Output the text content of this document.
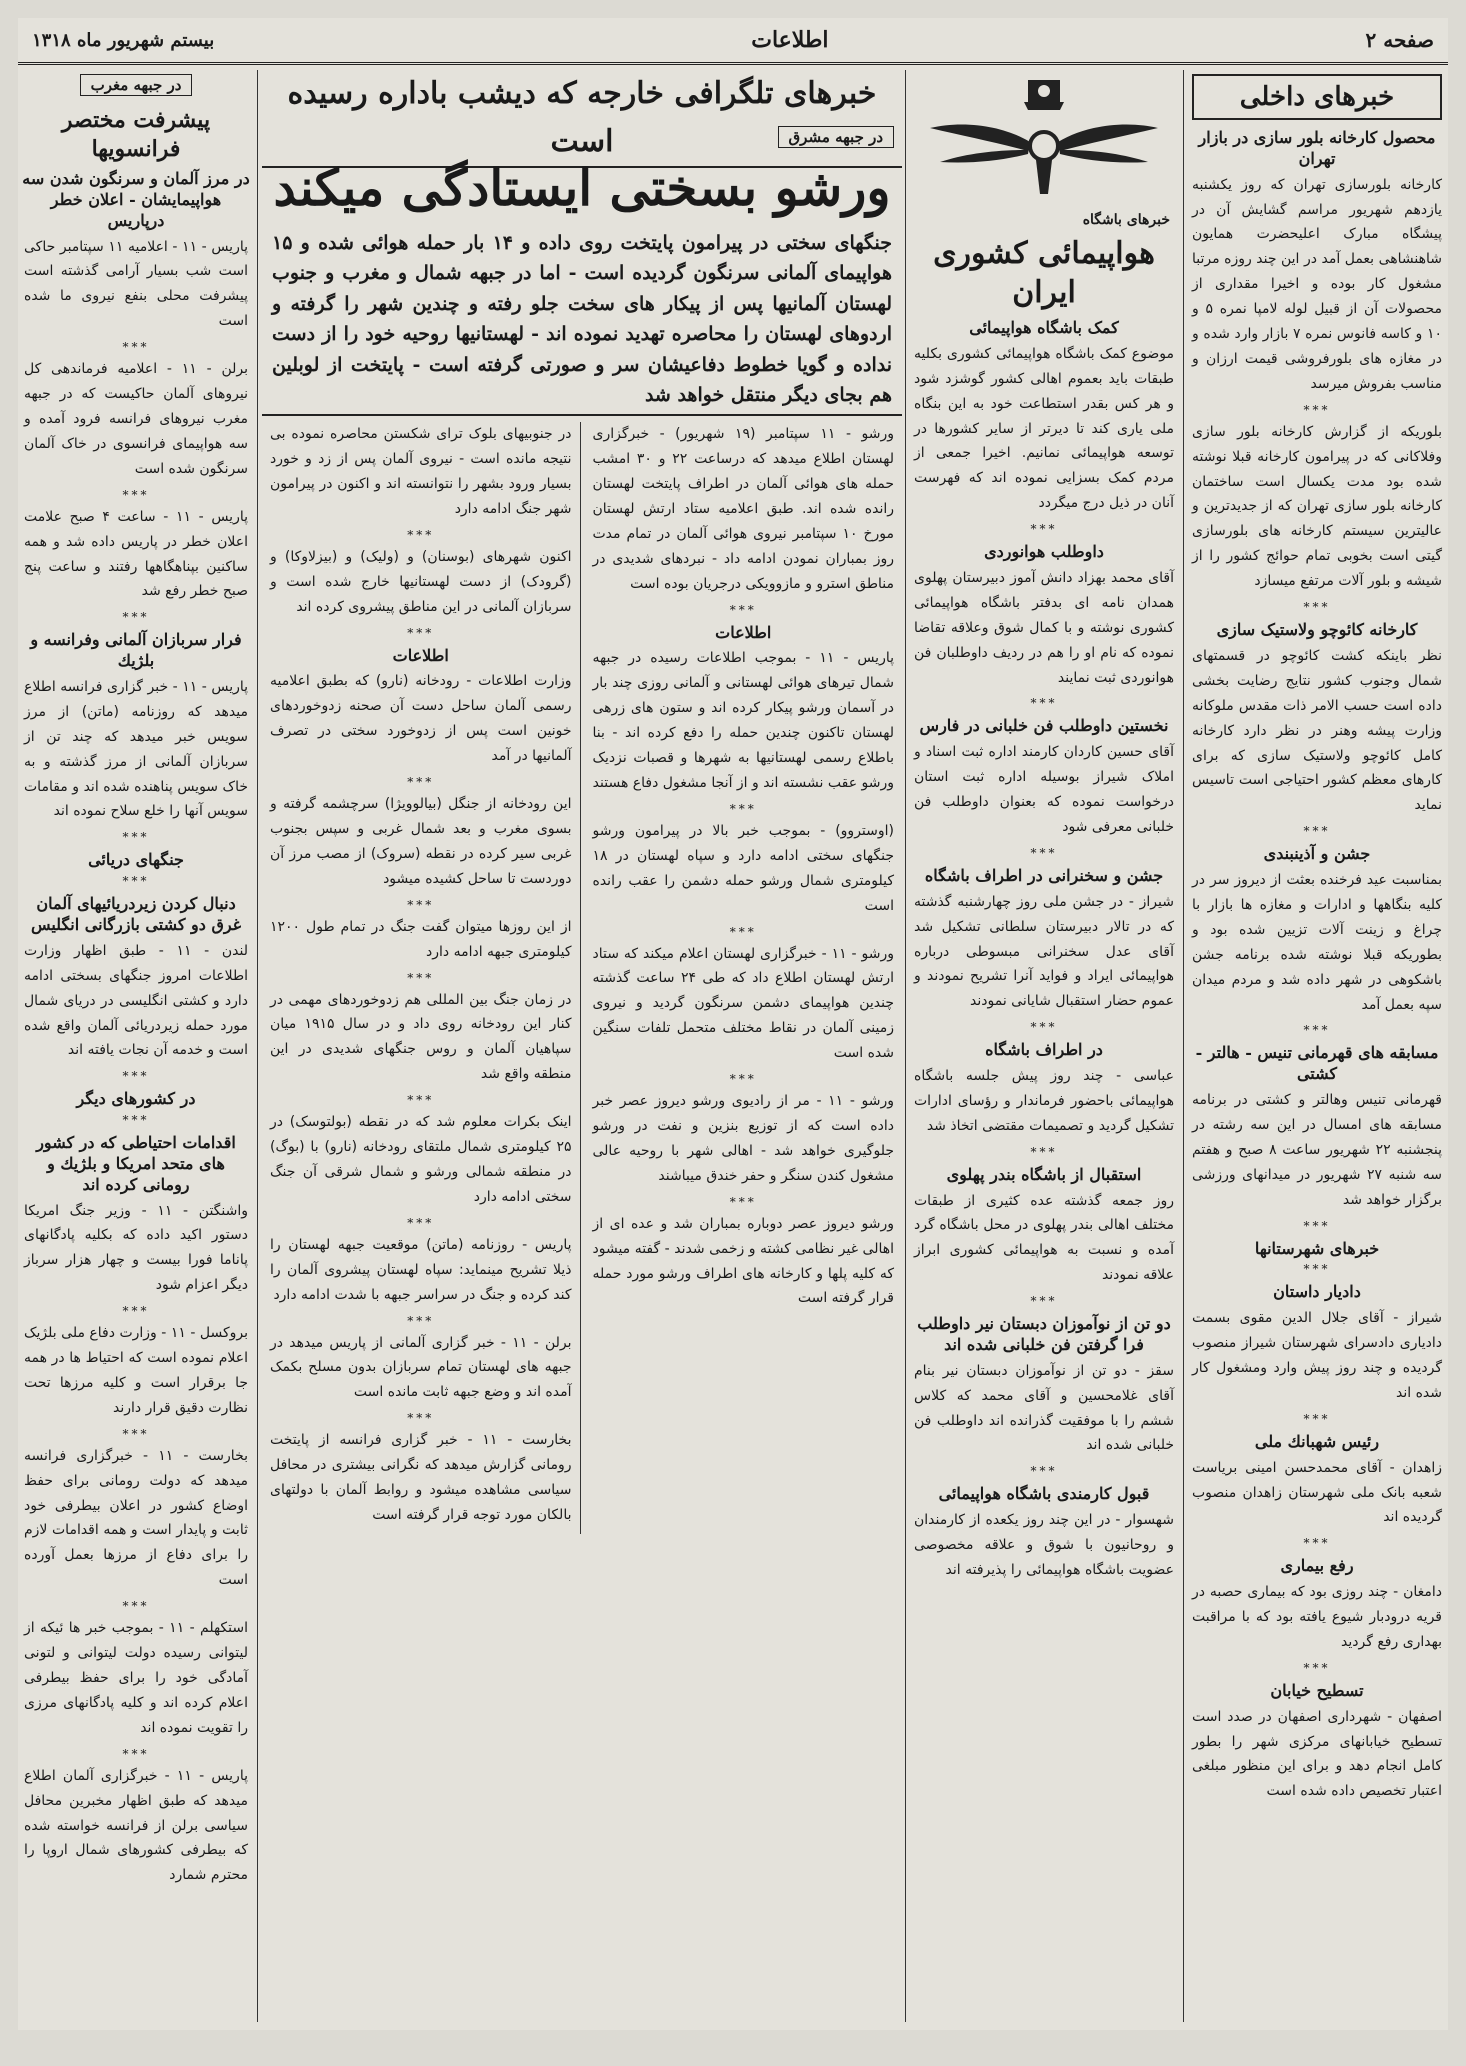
صفحه ۲
اطلاعات
بیستم شهریور ماه ۱۳۱۸
خبرهای داخلی
محصول کارخانه بلور سازی در بازار تهران

کارخانه بلورسازی تهران که روز یکشنبه یازدهم شهریور مراسم گشایش آن در پیشگاه مبارک اعلیحضرت همایون شاهنشاهی بعمل آمد در این چند روزه مرتبا مشغول کار بوده و اخیرا مقداری از محصولات آن از قبیل لوله لامپا نمره ۵ و ۱۰ و کاسه فانوس نمره ۷ بازار وارد شده و در مغازه های بلورفروشی قیمت ارزان و مناسب بفروش میرسد

***

بلوریکه از گزارش کارخانه بلور سازی وفلاکانی که در پیرامون کارخانه قبلا نوشته شده بود مدت یکسال است ساختمان کارخانه بلور سازی تهران که از جدیدترین و عالیترین سیستم کارخانه های بلورسازی گیتی است بخوبی تمام حوائج کشور را از شیشه و بلور آلات مرتفع میسازد

***
کارخانه کائوچو ولاستیک سازی

نظر باینکه کشت کائوچو در قسمتهای شمال وجنوب کشور نتایج رضایت بخشی داده است حسب الامر ذات مقدس ملوکانه وزارت پیشه وهنر در نظر دارد کارخانه کامل کائوچو ولاستیک سازی که برای کارهای معظم کشور احتیاجی است تاسیس نماید

***
جشن و آذینبندی

بمناسبت عید فرخنده بعثت از دیروز سر در کلیه بنگاهها و ادارات و مغازه ها بازار با چراغ و زینت آلات تزیین شده بود و بطوریکه قبلا نوشته شده برنامه جشن باشکوهی در شهر داده شد و مردم میدان سپه بعمل آمد

***
مسابقه های قهرمانی تنیس - هالتر - کشتی

قهرمانی تنیس وهالتر و کشتی در برنامه مسابقه های امسال در این سه رشته در پنجشنبه ۲۲ شهریور ساعت ۸ صبح و هفتم سه شنبه ۲۷ شهریور در میدانهای ورزشی برگزار خواهد شد

***
خبرهای شهرستانها
***
دادیار داستان

شیراز - آقای جلال الدین مقوی بسمت دادیاری دادسرای شهرستان شیراز منصوب گردیده و چند روز پیش وارد ومشغول کار شده اند

***
رئیس شهبانك ملی

زاهدان - آقای محمدحسن امینی بریاست شعبه بانک ملی شهرستان زاهدان منصوب گردیده اند

***
رفع بیماری

دامغان - چند روزی بود که بیماری حصبه در قریه درودبار شیوع یافته بود که با مراقبت بهداری رفع گردید

***
تسطیح خیابان

اصفهان - شهرداری اصفهان در صدد است تسطیح خیابانهای مرکزی شهر را بطور کامل انجام دهد و برای این منظور مبلغی اعتبار تخصیص داده شده است

خبرهای باشگاه
هواپیمائی کشوری ایران
کمک باشگاه هواپیمائی

موضوع کمک باشگاه هواپیمائی کشوری بکلیه طبقات باید بعموم اهالی کشور گوشزد شود و هر کس بقدر استطاعت خود به این بنگاه ملی یاری کند تا دیرتر از سایر کشورها در توسعه هواپیمائی نمانیم. اخیرا جمعی از مردم کمک بسزایی نموده اند که فهرست آنان در ذیل درج میگردد

***
داوطلب هوانوردی

آقای محمد بهزاد دانش آموز دبیرستان پهلوی همدان نامه ای بدفتر باشگاه هواپیمائی کشوری نوشته و با کمال شوق وعلاقه تقاضا نموده که نام او را هم در ردیف داوطلبان فن هوانوردی ثبت نمایند

***
نخستین داوطلب فن خلبانی در فارس

آقای حسین کاردان کارمند اداره ثبت اسناد و املاک شیراز بوسیله اداره ثبت استان درخواست نموده که بعنوان داوطلب فن خلبانی معرفی شود

***
جشن و سخنرانی در اطراف باشگاه

شیراز - در جشن ملی روز چهارشنبه گذشته که در تالار دبیرستان سلطانی تشکیل شد آقای عدل سخنرانی مبسوطی درباره هواپیمائی ایراد و فواید آنرا تشریح نمودند و عموم حضار استقبال شایانی نمودند

***
در اطراف باشگاه

عباسی - چند روز پیش جلسه باشگاه هواپیمائی باحضور فرماندار و رؤسای ادارات تشکیل گردید و تصمیمات مقتضی اتخاذ شد

***
استقبال از باشگاه بندر پهلوی

روز جمعه گذشته عده کثیری از طبقات مختلف اهالی بندر پهلوی در محل باشگاه گرد آمده و نسبت به هواپیمائی کشوری ابراز علاقه نمودند

***
دو تن از نوآموزان دبستان نیر داوطلب فرا گرفتن فن خلبانی شده اند

سقز - دو تن از نوآموزان دبستان نیر بنام آقای غلامحسین و آقای محمد که کلاس ششم را با موفقیت گذرانده اند داوطلب فن خلبانی شده اند

***
قبول کارمندی باشگاه هواپیمائی

شهسوار - در این چند روز یکعده از کارمندان و روحانیون با شوق و علاقه مخصوصی عضویت باشگاه هواپیمائی را پذیرفته اند

خبرهای تلگرافی خارجه که دیشب باداره رسیده است	در جبهه مشرق
ورشو بسختی ایستادگی میکند
جنگهای سختی در پیرامون پایتخت روی داده و ۱۴ بار حمله هوائی شده و ۱۵ هواپیمای آلمانی سرنگون گردیده است - اما در جبهه شمال و مغرب و جنوب لهستان آلمانیها پس از پیکار های سخت جلو رفته و چندین شهر را گرفته و اردوهای لهستان را محاصره تهدید نموده اند - لهستانیها روحیه خود را از دست نداده و گویا خطوط دفاعیشان سر و صورتی گرفته است - پایتخت از لوبلین هم بجای دیگر منتقل خواهد شد

ورشو - ۱۱ سپتامبر (۱۹ شهریور) - خبرگزاری لهستان اطلاع میدهد که درساعت ۲۲ و ۳۰ امشب حمله های هوائی آلمان در اطراف پایتخت لهستان رانده شده اند. طبق اعلامیه ستاد ارتش لهستان مورخ ۱۰ سپتامبر نیروی هوائی آلمان در تمام مدت روز بمباران نمودن ادامه داد - نبردهای شدیدی در مناطق استرو و مازوویکی درجریان بوده است

***
اطلاعات

پاریس - ۱۱ - بموجب اطلاعات رسیده در جبهه شمال تیرهای هوائی لهستانی و آلمانی روزی چند بار در آسمان ورشو پیکار کرده اند و ستون های زرهی لهستان تاکنون چندین حمله را دفع کرده اند - بنا باطلاع رسمی لهستانیها به شهرها و قصبات نزدیک ورشو عقب نشسته اند و از آنجا مشغول دفاع هستند

***

(اوستروو) - بموجب خبر بالا در پیرامون ورشو جنگهای سختی ادامه دارد و سپاه لهستان در ۱۸ کیلومتری شمال ورشو حمله دشمن را عقب رانده است

***

ورشو - ۱۱ - خبرگزاری لهستان اعلام میکند که ستاد ارتش لهستان اطلاع داد که طی ۲۴ ساعت گذشته چندین هواپیمای دشمن سرنگون گردید و نیروی زمینی آلمان در نقاط مختلف متحمل تلفات سنگین شده است

***

ورشو - ۱۱ - مر از رادیوی ورشو دیروز عصر خبر داده است که از توزیع بنزین و نفت در ورشو جلوگیری خواهد شد - اهالی شهر با روحیه عالی مشغول کندن سنگر و حفر خندق میباشند

***

ورشو دیروز عصر دوباره بمباران شد و عده ای از اهالی غیر نظامی کشته و زخمی شدند - گفته میشود که کلیه پلها و کارخانه های اطراف ورشو مورد حمله قرار گرفته است

در جنوبیهای بلوک ترای شکستن محاصره نموده بی نتیجه مانده است - نیروی آلمان پس از زد و خورد بسیار ورود بشهر را نتوانسته اند و اکنون در پیرامون شهر جنگ ادامه دارد

***

اکنون شهرهای (بوسنان) و (ولیک) و (بیزلاوکا) و (گرودک) از دست لهستانیها خارج شده است و سربازان آلمانی در این مناطق پیشروی کرده اند

***
اطلاعات

وزارت اطلاعات - رودخانه (نارو) که بطبق اعلامیه رسمی آلمان ساحل دست آن صحنه زدوخوردهای خونین است پس از زدوخورد سختی در تصرف آلمانیها در آمد

***

این رودخانه از جنگل (بیالوویژا) سرچشمه گرفته و بسوی مغرب و بعد شمال غربی و سپس بجنوب غربی سیر کرده در نقطه (سروک) از مصب مرز آن دوردست تا ساحل کشیده میشود

***

از این روزها میتوان گفت جنگ در تمام طول ۱۲۰۰ کیلومتری جبهه ادامه دارد

***

در زمان جنگ بین المللی هم زدوخوردهای مهمی در کنار این رودخانه روی داد و در سال ۱۹۱۵ میان سپاهیان آلمان و روس جنگهای شدیدی در این منطقه واقع شد

***

اینک بکرات معلوم شد که در نقطه (بولتوسک) در ۲۵ کیلومتری شمال ملتقای رودخانه (نارو) با (بوگ) در منطقه شمالی ورشو و شمال شرقی آن جنگ سختی ادامه دارد

***

پاریس - روزنامه (ماتن) موقعیت جبهه لهستان را ذیلا تشریح مینماید: سپاه لهستان پیشروی آلمان را کند کرده و جنگ در سراسر جبهه با شدت ادامه دارد

***

برلن - ۱۱ - خبر گزاری آلمانی از پاریس میدهد در جبهه های لهستان تمام سربازان بدون مسلح بکمک آمده اند و وضع جبهه ثابت مانده است

***

بخارست - ۱۱ - خبر گزاری فرانسه از پایتخت رومانی گزارش میدهد که نگرانی بیشتری در محافل سیاسی مشاهده میشود و روابط آلمان با دولتهای بالکان مورد توجه قرار گرفته است

در جبهه مغرب
پیشرفت مختصر فرانسویها
در مرز آلمان و سرنگون شدن سه هواپیمایشان - اعلان خطر درپاریس

پاریس - ۱۱ - اعلامیه ۱۱ سپتامبر حاکی است شب بسیار آرامی گذشته است پیشرفت محلی بنفع نیروی ما شده است

***

برلن - ۱۱ - اعلامیه فرماندهی کل نیروهای آلمان حاکیست که در جبهه مغرب نیروهای فرانسه فرود آمده و سه هواپیمای فرانسوی در خاک آلمان سرنگون شده است

***

پاریس - ۱۱ - ساعت ۴ صبح علامت اعلان خطر در پاریس داده شد و همه ساکنین بپناهگاهها رفتند و ساعت پنج صبح خطر رفع شد

***
فرار سربازان آلمانی وفرانسه و بلژیك

پاریس - ۱۱ - خبر گزاری فرانسه اطلاع میدهد که روزنامه (ماتن) از مرز سویس خبر میدهد که چند تن از سربازان آلمانی از مرز گذشته و به خاک سویس پناهنده شده اند و مقامات سویس آنها را خلع سلاح نموده اند

***
جنگهای دریائی
***
دنبال کردن زیردریائیهای آلمان غرق دو کشتی بازرگانی انگلیس

لندن - ۱۱ - طبق اظهار وزارت اطلاعات امروز جنگهای بسختی ادامه دارد و کشتی انگلیسی در دریای شمال مورد حمله زیردریائی آلمان واقع شده است و خدمه آن نجات یافته اند

***
در کشورهای دیگر
***
اقدامات احتیاطی که در کشور های متحد امریکا و بلژیك و رومانی کرده اند

واشنگتن - ۱۱ - وزیر جنگ امریکا دستور اکید داده که بکلیه پادگانهای پاناما فورا بیست و چهار هزار سرباز دیگر اعزام شود

***

بروکسل - ۱۱ - وزارت دفاع ملی بلژیک اعلام نموده است که احتیاط ها در همه جا برقرار است و کلیه مرزها تحت نظارت دقیق قرار دارند

***

بخارست - ۱۱ - خبرگزاری فرانسه میدهد که دولت رومانی برای حفظ اوضاع کشور در اعلان بیطرفی خود ثابت و پایدار است و همه اقدامات لازم را برای دفاع از مرزها بعمل آورده است

***

استکهلم - ۱۱ - بموجب خبر ها ئیکه از لیتوانی رسیده دولت لیتوانی و لتونی آمادگی خود را برای حفظ بیطرفی اعلام کرده اند و کلیه پادگانهای مرزی را تقویت نموده اند

***

پاریس - ۱۱ - خبرگزاری آلمان اطلاع میدهد که طبق اظهار مخبرین محافل سیاسی برلن از فرانسه خواسته شده که بیطرفی کشورهای شمال اروپا را محترم شمارد
